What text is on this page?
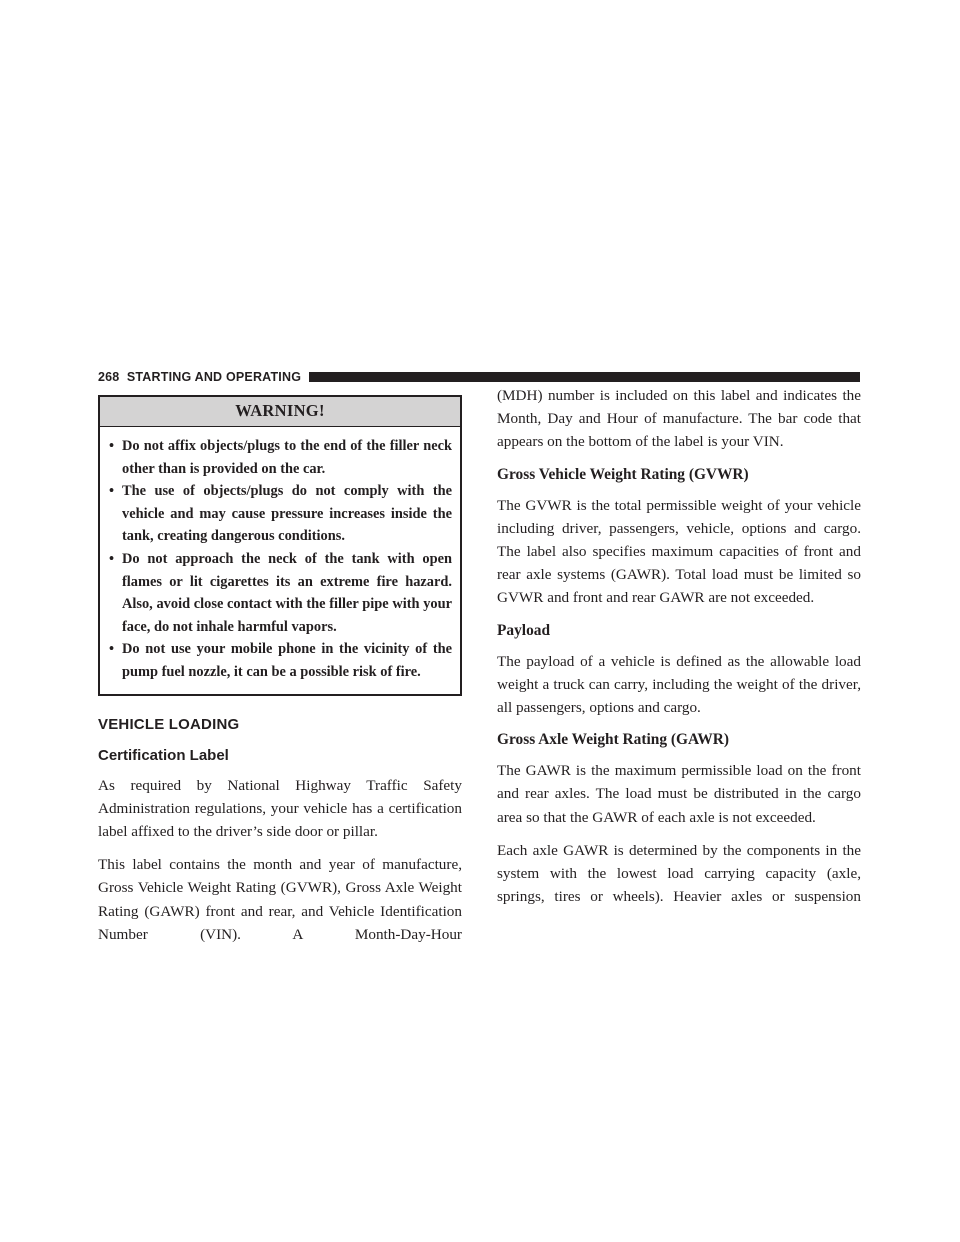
268 STARTING AND OPERATING
WARNING!
• Do not affix objects/plugs to the end of the filler neck other than is provided on the car.
• The use of objects/plugs do not comply with the vehicle and may cause pressure increases inside the tank, creating dangerous conditions.
• Do not approach the neck of the tank with open flames or lit cigarettes its an extreme fire hazard. Also, avoid close contact with the filler pipe with your face, do not inhale harmful vapors.
• Do not use your mobile phone in the vicinity of the pump fuel nozzle, it can be a possible risk of fire.
VEHICLE LOADING
Certification Label

As required by National Highway Traffic Safety Administration regulations, your vehicle has a certification label affixed to the driver’s side door or pillar.

This label contains the month and year of manufacture, Gross Vehicle Weight Rating (GVWR), Gross Axle Weight Rating (GAWR) front and rear, and Vehicle Identification Number (VIN). A Month-Day-Hour

(MDH) number is included on this label and indicates the Month, Day and Hour of manufacture. The bar code that appears on the bottom of the label is your VIN.

Gross Vehicle Weight Rating (GVWR)

The GVWR is the total permissible weight of your vehicle including driver, passengers, vehicle, options and cargo. The label also specifies maximum capacities of front and rear axle systems (GAWR). Total load must be limited so GVWR and front and rear GAWR are not exceeded.

Payload

The payload of a vehicle is defined as the allowable load weight a truck can carry, including the weight of the driver, all passengers, options and cargo.

Gross Axle Weight Rating (GAWR)

The GAWR is the maximum permissible load on the front and rear axles. The load must be distributed in the cargo area so that the GAWR of each axle is not exceeded.

Each axle GAWR is determined by the components in the system with the lowest load carrying capacity (axle, springs, tires or wheels). Heavier axles or suspension
